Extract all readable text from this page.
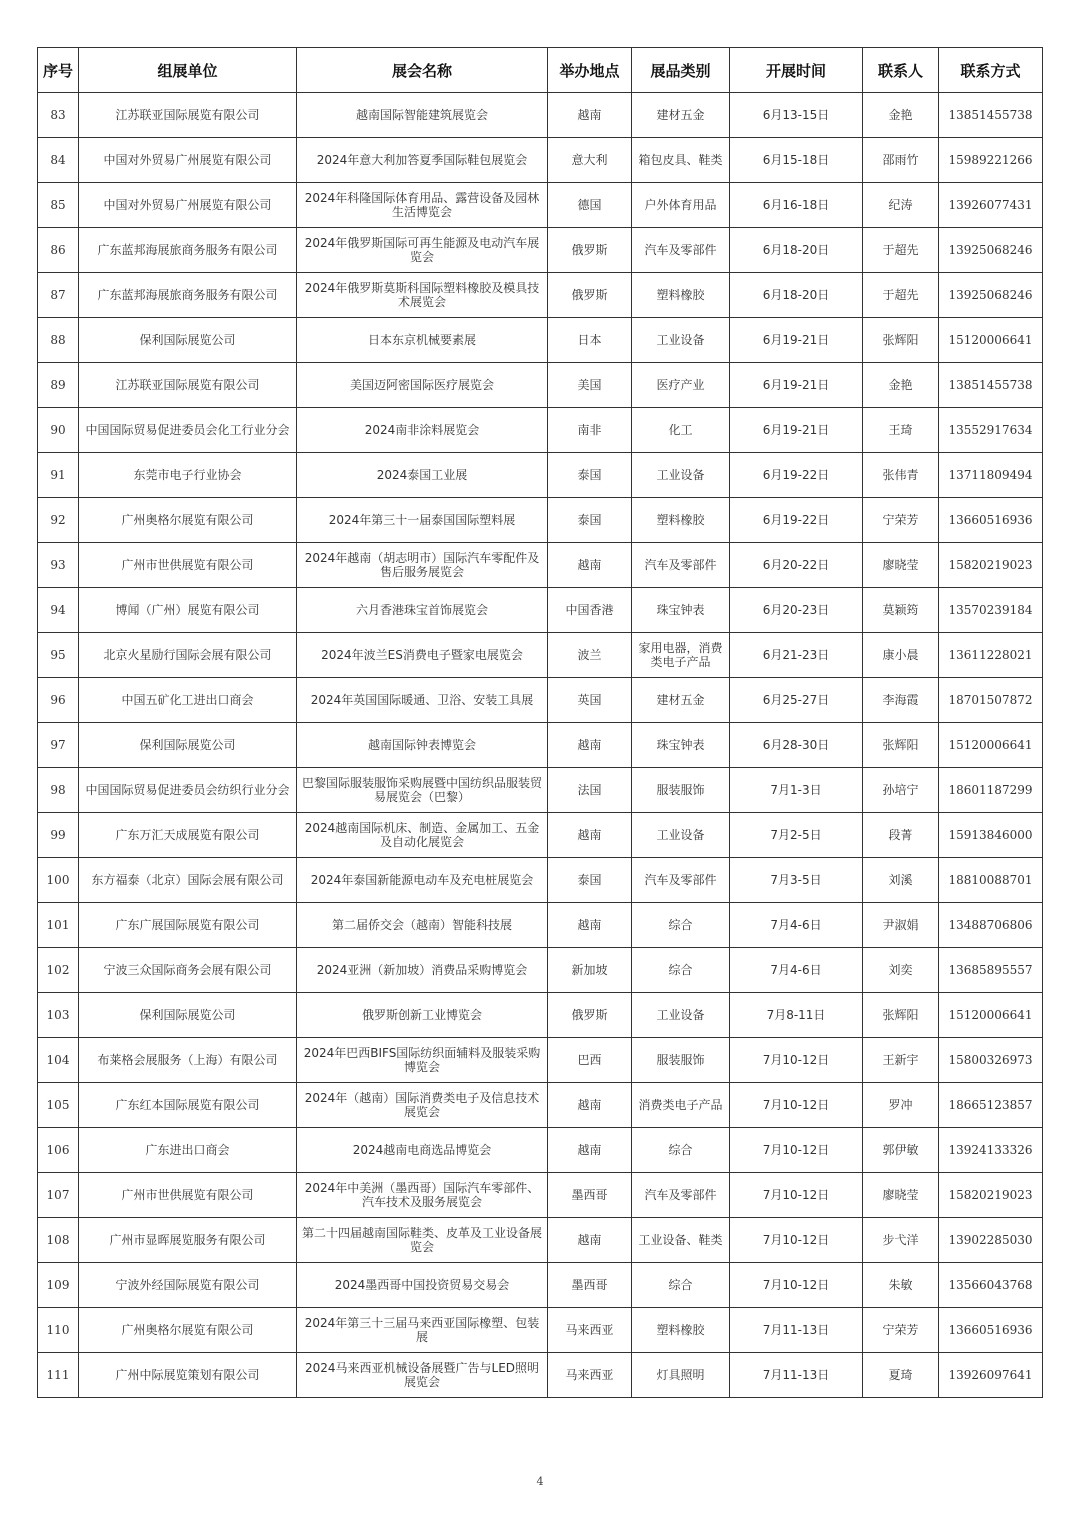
序号	组展单位	展会名称	举办地点	展品类别	开展时间	联系人	联系方式
83	江苏联亚国际展览有限公司	越南国际智能建筑展览会	越南	建材五金	6月13-15日	金艳	13851455738
84	中国对外贸易广州展览有限公司	2024年意大利加答夏季国际鞋包展览会	意大利	箱包皮具、鞋类	6月15-18日	邵雨竹	15989221266
85	中国对外贸易广州展览有限公司	2024年科隆国际体育用品、露营设备及园林生活博览会	德国	户外体育用品	6月16-18日	纪涛	13926077431
86	广东蓝邦海展旅商务服务有限公司	2024年俄罗斯国际可再生能源及电动汽车展览会	俄罗斯	汽车及零部件	6月18-20日	于超先	13925068246
87	广东蓝邦海展旅商务服务有限公司	2024年俄罗斯莫斯科国际塑料橡胶及模具技术展览会	俄罗斯	塑料橡胶	6月18-20日	于超先	13925068246
88	保利国际展览公司	日本东京机械要素展	日本	工业设备	6月19-21日	张辉阳	15120006641
89	江苏联亚国际展览有限公司	美国迈阿密国际医疗展览会	美国	医疗产业	6月19-21日	金艳	13851455738
90	中国国际贸易促进委员会化工行业分会	2024南非涂料展览会	南非	化工	6月19-21日	王琦	13552917634
91	东莞市电子行业协会	2024泰国工业展	泰国	工业设备	6月19-22日	张伟青	13711809494
92	广州奥格尔展览有限公司	2024年第三十一届泰国国际塑料展	泰国	塑料橡胶	6月19-22日	宁荣芳	13660516936
93	广州市世供展览有限公司	2024年越南（胡志明市）国际汽车零配件及售后服务展览会	越南	汽车及零部件	6月20-22日	廖晓莹	15820219023
94	博闻（广州）展览有限公司	六月香港珠宝首饰展览会	中国香港	珠宝钟表	6月20-23日	莫颖筠	13570239184
95	北京火星励行国际会展有限公司	2024年波兰ES消费电子暨家电展览会	波兰	家用电器，消费类电子产品	6月21-23日	康小晨	13611228021
96	中国五矿化工进出口商会	2024年英国国际暖通、卫浴、安装工具展	英国	建材五金	6月25-27日	李海霞	18701507872
97	保利国际展览公司	越南国际钟表博览会	越南	珠宝钟表	6月28-30日	张辉阳	15120006641
98	中国国际贸易促进委员会纺织行业分会	巴黎国际服装服饰采购展暨中国纺织品服装贸易展览会（巴黎）	法国	服装服饰	7月1-3日	孙培宁	18601187299
99	广东万汇天成展览有限公司	2024越南国际机床、制造、金属加工、五金及自动化展览会	越南	工业设备	7月2-5日	段菁	15913846000
100	东方福泰（北京）国际会展有限公司	2024年泰国新能源电动车及充电桩展览会	泰国	汽车及零部件	7月3-5日	刘溪	18810088701
101	广东广展国际展览有限公司	第二届侨交会（越南）智能科技展	越南	综合	7月4-6日	尹淑娟	13488706806
102	宁波三众国际商务会展有限公司	2024亚洲（新加坡）消费品采购博览会	新加坡	综合	7月4-6日	刘奕	13685895557
103	保利国际展览公司	俄罗斯创新工业博览会	俄罗斯	工业设备	7月8-11日	张辉阳	15120006641
104	布莱格会展服务（上海）有限公司	2024年巴西BIFS国际纺织面辅料及服装采购博览会	巴西	服装服饰	7月10-12日	王新宇	15800326973
105	广东红本国际展览有限公司	2024年（越南）国际消费类电子及信息技术展览会	越南	消费类电子产品	7月10-12日	罗冲	18665123857
106	广东进出口商会	2024越南电商选品博览会	越南	综合	7月10-12日	郭伊敏	13924133326
107	广州市世供展览有限公司	2024年中美洲（墨西哥）国际汽车零部件、汽车技术及服务展览会	墨西哥	汽车及零部件	7月10-12日	廖晓莹	15820219023
108	广州市显晖展览服务有限公司	第二十四届越南国际鞋类、皮革及工业设备展览会	越南	工业设备、鞋类	7月10-12日	步弋洋	13902285030
109	宁波外经国际展览有限公司	2024墨西哥中国投资贸易交易会	墨西哥	综合	7月10-12日	朱敏	13566043768
110	广州奥格尔展览有限公司	2024年第三十三届马来西亚国际橡塑、包装展	马来西亚	塑料橡胶	7月11-13日	宁荣芳	13660516936
111	广州中际展览策划有限公司	2024马来西亚机械设备展暨广告与LED照明展览会	马来西亚	灯具照明	7月11-13日	夏琦	13926097641
4
